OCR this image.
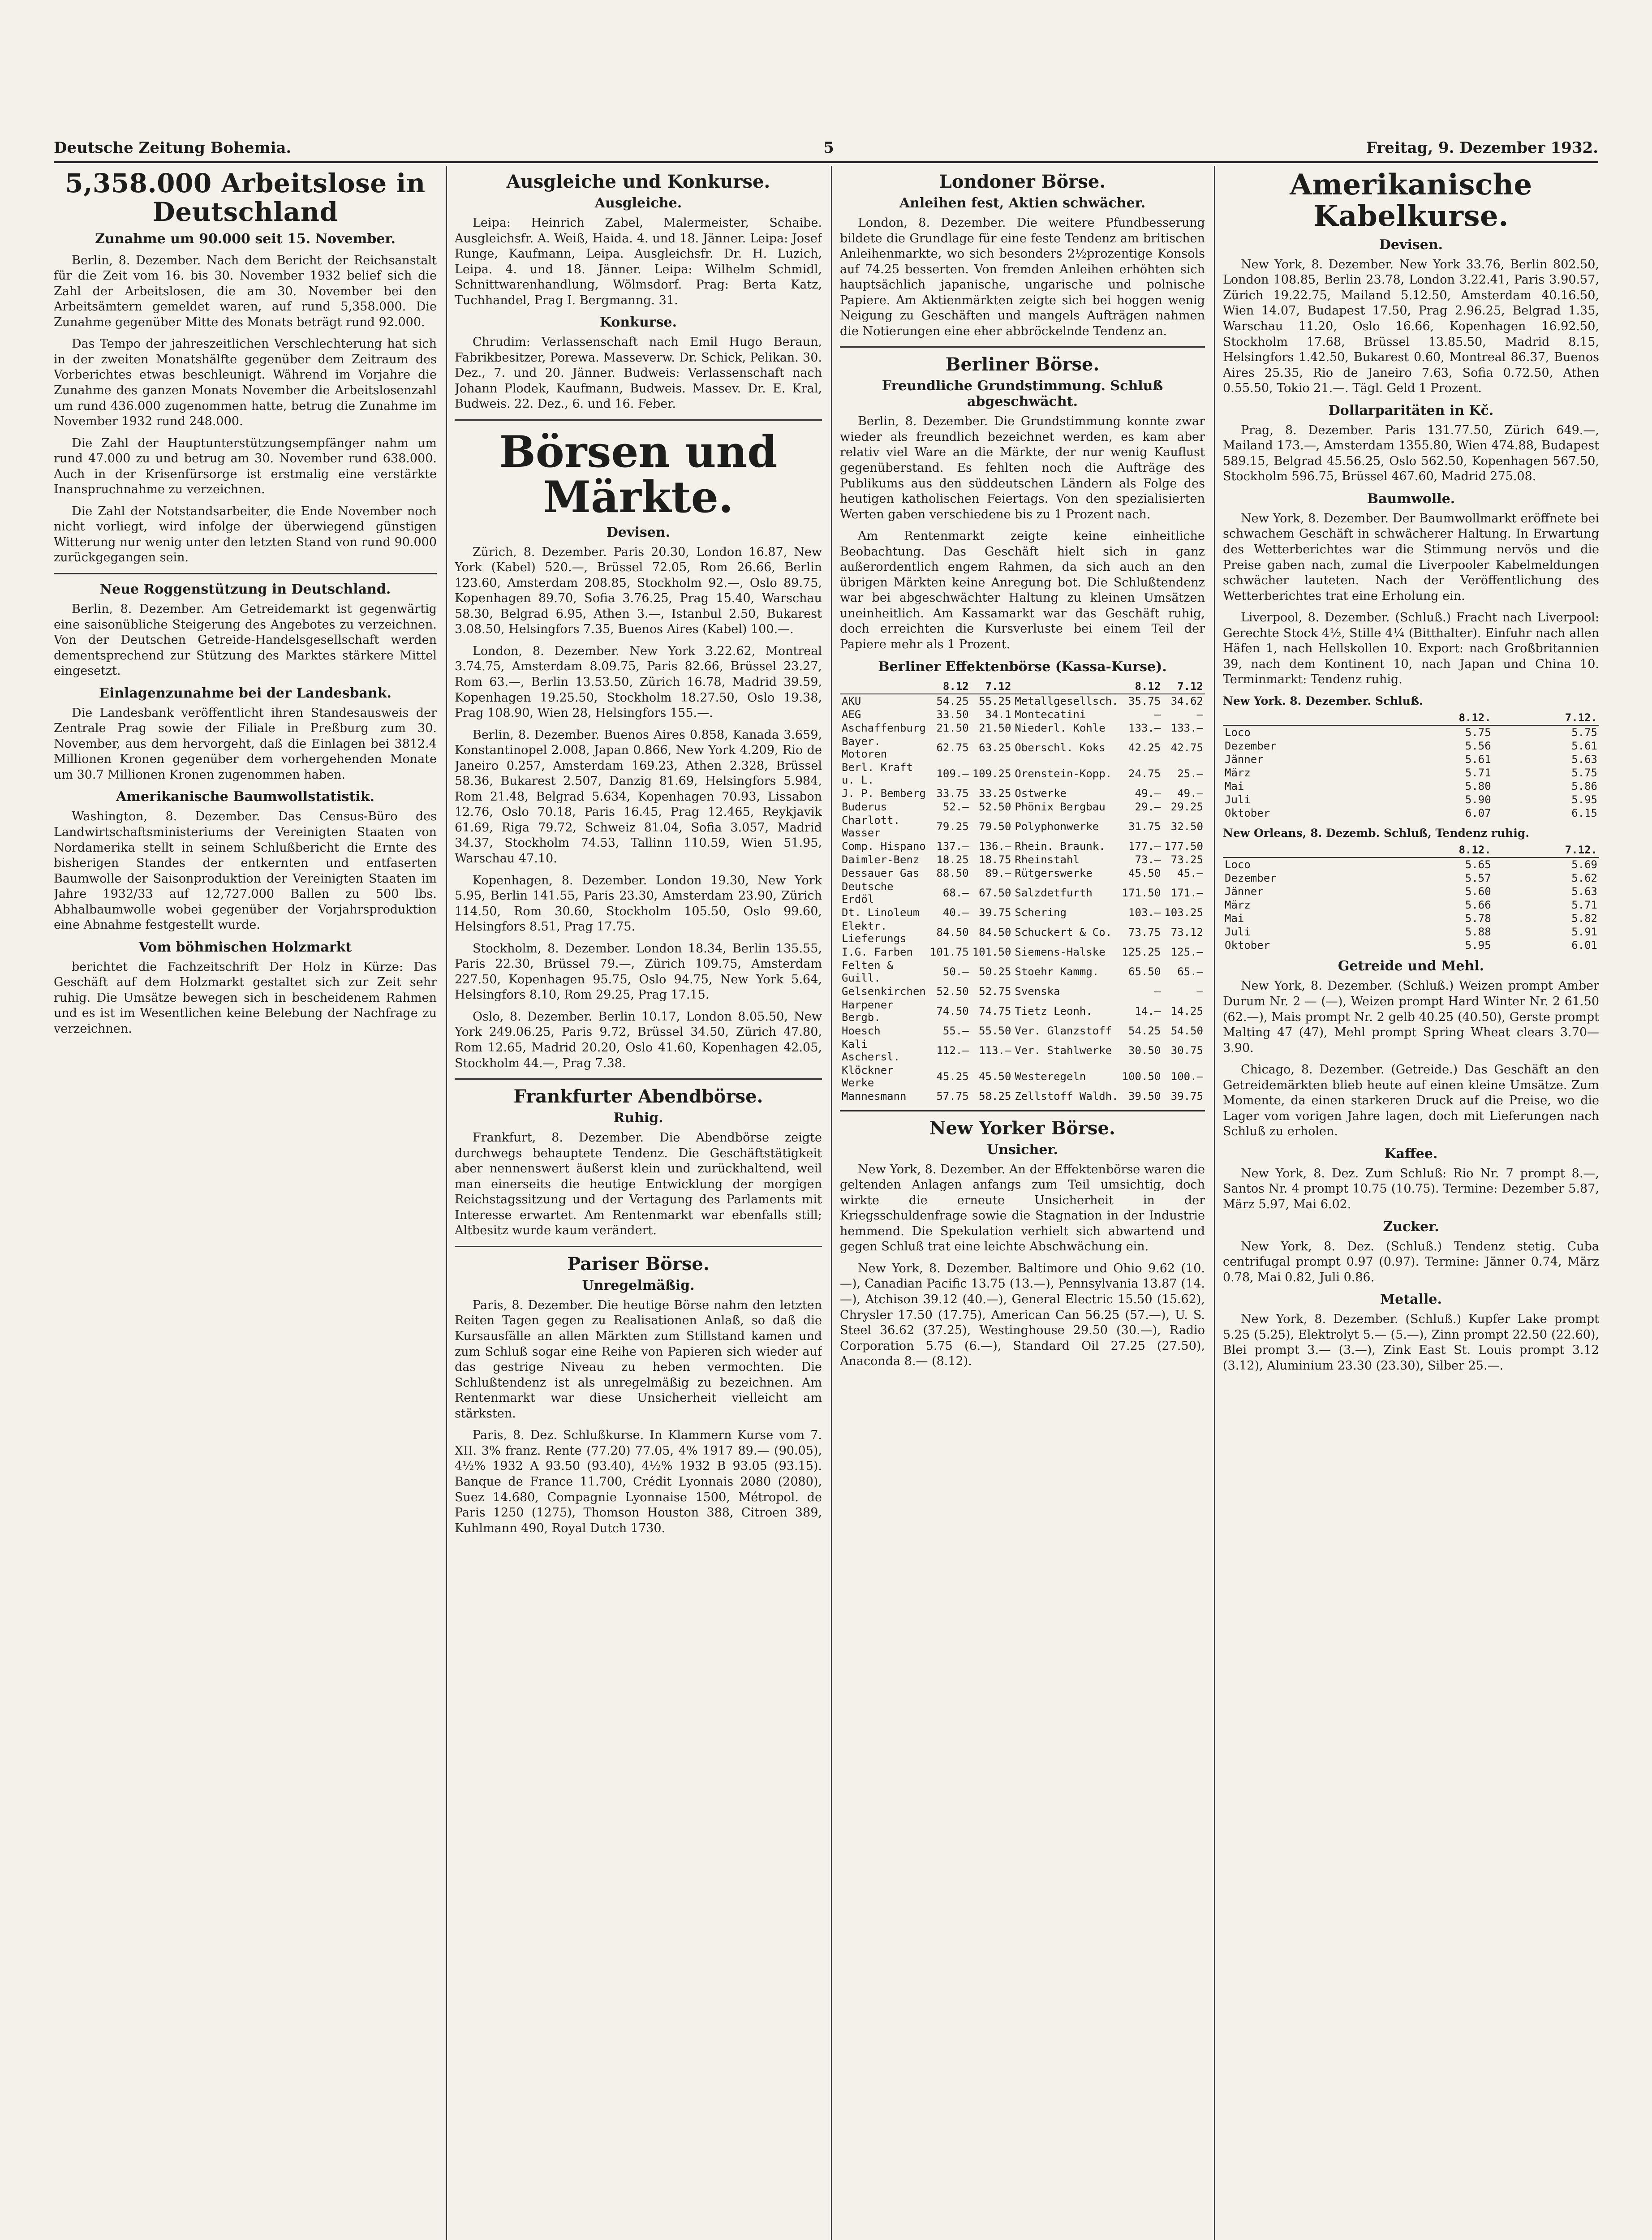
Deutsche Zeitung Bohemia.	5	Freitag, 9. Dezember 1932.
5,358.000 Arbeitslose in Deutschland
Zunahme um 90.000 seit 15. November.

Berlin, 8. Dezember. Nach dem Bericht der Reichsanstalt für die Zeit vom 16. bis 30. November 1932 belief sich die Zahl der Arbeitslosen, die am 30. November bei den Arbeitsämtern gemeldet waren, auf rund 5,358.000. Die Zunahme gegenüber Mitte des Monats beträgt rund 92.000.

Das Tempo der jahreszeitlichen Verschlechterung hat sich in der zweiten Monatshälfte gegenüber dem Zeitraum des Vorberichtes etwas beschleunigt. Während im Vorjahre die Zunahme des ganzen Monats November die Arbeitslosenzahl um rund 436.000 zugenommen hatte, betrug die Zunahme im November 1932 rund 248.000.

Die Zahl der Hauptunterstützungsempfänger nahm um rund 47.000 zu und betrug am 30. November rund 638.000. Auch in der Krisenfürsorge ist erstmalig eine verstärkte Inanspruchnahme zu verzeichnen.

Die Zahl der Notstandsarbeiter, die Ende November noch nicht vorliegt, wird infolge der überwiegend günstigen Witterung nur wenig unter den letzten Stand von rund 90.000 zurückgegangen sein.

Neue Roggenstützung in Deutschland.

Berlin, 8. Dezember. Am Getreidemarkt ist gegenwärtig eine saisonübliche Steigerung des Angebotes zu verzeichnen. Von der Deutschen Getreide-Handelsgesellschaft werden dementsprechend zur Stützung des Marktes stärkere Mittel eingesetzt.

Einlagenzunahme bei der Landesbank.

Die Landesbank veröffentlicht ihren Standesausweis der Zentrale Prag sowie der Filiale in Preßburg zum 30. November, aus dem hervorgeht, daß die Einlagen bei 3812.4 Millionen Kronen gegenüber dem vorhergehenden Monate um 30.7 Millionen Kronen zugenommen haben.

Amerikanische Baumwollstatistik.

Washington, 8. Dezember. Das Census-Büro des Landwirtschaftsministeriums der Vereinigten Staaten von Nordamerika stellt in seinem Schlußbericht die Ernte des bisherigen Standes der entkernten und entfaserten Baumwolle der Saisonproduktion der Vereinigten Staaten im Jahre 1932/33 auf 12,727.000 Ballen zu 500 lbs. Abhalbaumwolle wobei gegenüber der Vorjahrsproduktion eine Abnahme festgestellt wurde.

Vom böhmischen Holzmarkt

berichtet die Fachzeitschrift Der Holz in Kürze: Das Geschäft auf dem Holzmarkt gestaltet sich zur Zeit sehr ruhig. Die Umsätze bewegen sich in bescheidenem Rahmen und es ist im Wesentlichen keine Belebung der Nachfrage zu verzeichnen.

Ausgleiche und Konkurse.
Ausgleiche.

Leipa: Heinrich Zabel, Malermeister, Schaibe. Ausgleichsfr. A. Weiß, Haida. 4. und 18. Jänner. Leipa: Josef Runge, Kaufmann, Leipa. Ausgleichsfr. Dr. H. Luzich, Leipa. 4. und 18. Jänner. Leipa: Wilhelm Schmidl, Schnittwarenhandlung, Wölmsdorf. Prag: Berta Katz, Tuchhandel, Prag I. Bergmanng. 31.

Konkurse.

Chrudim: Verlassenschaft nach Emil Hugo Beraun, Fabrikbesitzer, Porewa. Masseverw. Dr. Schick, Pelikan. 30. Dez., 7. und 20. Jänner. Budweis: Verlassenschaft nach Johann Plodek, Kaufmann, Budweis. Massev. Dr. E. Kral, Budweis. 22. Dez., 6. und 16. Feber.

Börsen und Märkte.
Devisen.

Zürich, 8. Dezember. Paris 20.30, London 16.87, New York (Kabel) 520.—, Brüssel 72.05, Rom 26.66, Berlin 123.60, Amsterdam 208.85, Stockholm 92.—, Oslo 89.75, Kopenhagen 89.70, Sofia 3.76.25, Prag 15.40, Warschau 58.30, Belgrad 6.95, Athen 3.—, Istanbul 2.50, Bukarest 3.08.50, Helsingfors 7.35, Buenos Aires (Kabel) 100.—.

London, 8. Dezember. New York 3.22.62, Montreal 3.74.75, Amsterdam 8.09.75, Paris 82.66, Brüssel 23.27, Rom 63.—, Berlin 13.53.50, Zürich 16.78, Madrid 39.59, Kopenhagen 19.25.50, Stockholm 18.27.50, Oslo 19.38, Prag 108.90, Wien 28, Helsingfors 155.—.

Berlin, 8. Dezember. Buenos Aires 0.858, Kanada 3.659, Konstantinopel 2.008, Japan 0.866, New York 4.209, Rio de Janeiro 0.257, Amsterdam 169.23, Athen 2.328, Brüssel 58.36, Bukarest 2.507, Danzig 81.69, Helsingfors 5.984, Rom 21.48, Belgrad 5.634, Kopenhagen 70.93, Lissabon 12.76, Oslo 70.18, Paris 16.45, Prag 12.465, Reykjavik 61.69, Riga 79.72, Schweiz 81.04, Sofia 3.057, Madrid 34.37, Stockholm 74.53, Tallinn 110.59, Wien 51.95, Warschau 47.10.

Kopenhagen, 8. Dezember. London 19.30, New York 5.95, Berlin 141.55, Paris 23.30, Amsterdam 23.90, Zürich 114.50, Rom 30.60, Stockholm 105.50, Oslo 99.60, Helsingfors 8.51, Prag 17.75.

Stockholm, 8. Dezember. London 18.34, Berlin 135.55, Paris 22.30, Brüssel 79.—, Zürich 109.75, Amsterdam 227.50, Kopenhagen 95.75, Oslo 94.75, New York 5.64, Helsingfors 8.10, Rom 29.25, Prag 17.15.

Oslo, 8. Dezember. Berlin 10.17, London 8.05.50, New York 249.06.25, Paris 9.72, Brüssel 34.50, Zürich 47.80, Rom 12.65, Madrid 20.20, Oslo 41.60, Kopenhagen 42.05, Stockholm 44.—, Prag 7.38.

Frankfurter Abendbörse.
Ruhig.

Frankfurt, 8. Dezember. Die Abendbörse zeigte durchwegs behauptete Tendenz. Die Geschäftstätigkeit aber nennenswert äußerst klein und zurückhaltend, weil man einerseits die heutige Entwicklung der morgigen Reichstagssitzung und der Vertagung des Parlaments mit Interesse erwartet. Am Rentenmarkt war ebenfalls still; Altbesitz wurde kaum verändert.

Pariser Börse.
Unregelmäßig.

Paris, 8. Dezember. Die heutige Börse nahm den letzten Reiten Tagen gegen zu Realisationen Anlaß, so daß die Kursausfälle an allen Märkten zum Stillstand kamen und zum Schluß sogar eine Reihe von Papieren sich wieder auf das gestrige Niveau zu heben vermochten. Die Schlußtendenz ist als unregelmäßig zu bezeichnen. Am Rentenmarkt war diese Unsicherheit vielleicht am stärksten.

Paris, 8. Dez. Schlußkurse. In Klammern Kurse vom 7. XII. 3% franz. Rente (77.20) 77.05, 4% 1917 89.— (90.05), 4½% 1932 A 93.50 (93.40), 4½% 1932 B 93.05 (93.15). Banque de France 11.700, Crédit Lyonnais 2080 (2080), Suez 14.680, Compagnie Lyonnaise 1500, Métropol. de Paris 1250 (1275), Thomson Houston 388, Citroen 389, Kuhlmann 490, Royal Dutch 1730.

Londoner Börse.
Anleihen fest, Aktien schwächer.

London, 8. Dezember. Die weitere Pfundbesserung bildete die Grundlage für eine feste Tendenz am britischen Anleihenmarkte, wo sich besonders 2½prozentige Konsols auf 74.25 besserten. Von fremden Anleihen erhöhten sich hauptsächlich japanische, ungarische und polnische Papiere. Am Aktienmärkten zeigte sich bei hoggen wenig Neigung zu Geschäften und mangels Aufträgen nahmen die Notierungen eine eher abbröckelnde Tendenz an.

Berliner Börse.
Freundliche Grundstimmung. Schluß abgeschwächt.

Berlin, 8. Dezember. Die Grundstimmung konnte zwar wieder als freundlich bezeichnet werden, es kam aber relativ viel Ware an die Märkte, der nur wenig Kauflust gegenüberstand. Es fehlten noch die Aufträge des Publikums aus den süddeutschen Ländern als Folge des heutigen katholischen Feiertags. Von den spezialisierten Werten gaben verschiedene bis zu 1 Prozent nach.

Am Rentenmarkt zeigte keine einheitliche Beobachtung. Das Geschäft hielt sich in ganz außerordentlich engem Rahmen, da sich auch an den übrigen Märkten keine Anregung bot. Die Schlußtendenz war bei abgeschwächter Haltung zu kleinen Umsätzen uneinheitlich. Am Kassamarkt war das Geschäft ruhig, doch erreichten die Kursverluste bei einem Teil der Papiere mehr als 1 Prozent.

Berliner Effektenbörse (Kassa-Kurse).
	8.12	7.12		8.12	7.12
AKU	54.25	55.25	Metallgesellsch.	35.75	34.62
AEG	33.50	34.1	Montecatini	—	—
Aschaffenburg	21.50	21.50	Niederl. Kohle	133.—	133.—
Bayer. Motoren	62.75	63.25	Oberschl. Koks	42.25	42.75
Berl. Kraft u. L.	109.—	109.25	Orenstein-Kopp.	24.75	25.—
J. P. Bemberg	33.75	33.25	Ostwerke	49.—	49.—
Buderus	52.—	52.50	Phönix Bergbau	29.—	29.25
Charlott. Wasser	79.25	79.50	Polyphonwerke	31.75	32.50
Comp. Hispano	137.—	136.—	Rhein. Braunk.	177.—	177.50
Daimler-Benz	18.25	18.75	Rheinstahl	73.—	73.25
Dessauer Gas	88.50	89.—	Rütgerswerke	45.50	45.—
Deutsche Erdöl	68.—	67.50	Salzdetfurth	171.50	171.—
Dt. Linoleum	40.—	39.75	Schering	103.—	103.25
Elektr. Lieferungs	84.50	84.50	Schuckert & Co.	73.75	73.12
I.G. Farben	101.75	101.50	Siemens-Halske	125.25	125.—
Felten & Guill.	50.—	50.25	Stoehr Kammg.	65.50	65.—
Gelsenkirchen	52.50	52.75	Svenska	—	—
Harpener Bergb.	74.50	74.75	Tietz Leonh.	14.—	14.25
Hoesch	55.—	55.50	Ver. Glanzstoff	54.25	54.50
Kali Aschersl.	112.—	113.—	Ver. Stahlwerke	30.50	30.75
Klöckner Werke	45.25	45.50	Westeregeln	100.50	100.—
Mannesmann	57.75	58.25	Zellstoff Waldh.	39.50	39.75
New Yorker Börse.
Unsicher.

New York, 8. Dezember. An der Effektenbörse waren die geltenden Anlagen anfangs zum Teil umsichtig, doch wirkte die erneute Unsicherheit in der Kriegsschuldenfrage sowie die Stagnation in der Industrie hemmend. Die Spekulation verhielt sich abwartend und gegen Schluß trat eine leichte Abschwächung ein.

New York, 8. Dezember. Baltimore und Ohio 9.62 (10.—), Canadian Pacific 13.75 (13.—), Pennsylvania 13.87 (14.—), Atchison 39.12 (40.—), General Electric 15.50 (15.62), Chrysler 17.50 (17.75), American Can 56.25 (57.—), U. S. Steel 36.62 (37.25), Westinghouse 29.50 (30.—), Radio Corporation 5.75 (6.—), Standard Oil 27.25 (27.50), Anaconda 8.— (8.12).

Amerikanische Kabelkurse.
Devisen.

New York, 8. Dezember. New York 33.76, Berlin 802.50, London 108.85, Berlin 23.78, London 3.22.41, Paris 3.90.57, Zürich 19.22.75, Mailand 5.12.50, Amsterdam 40.16.50, Wien 14.07, Budapest 17.50, Prag 2.96.25, Belgrad 1.35, Warschau 11.20, Oslo 16.66, Kopenhagen 16.92.50, Stockholm 17.68, Brüssel 13.85.50, Madrid 8.15, Helsingfors 1.42.50, Bukarest 0.60, Montreal 86.37, Buenos Aires 25.35, Rio de Janeiro 7.63, Sofia 0.72.50, Athen 0.55.50, Tokio 21.—. Tägl. Geld 1 Prozent.

Dollarparitäten in Kč.

Prag, 8. Dezember. Paris 131.77.50, Zürich 649.—, Mailand 173.—, Amsterdam 1355.80, Wien 474.88, Budapest 589.15, Belgrad 45.56.25, Oslo 562.50, Kopenhagen 567.50, Stockholm 596.75, Brüssel 467.60, Madrid 275.08.

Baumwolle.

New York, 8. Dezember. Der Baumwollmarkt eröffnete bei schwachem Geschäft in schwächerer Haltung. In Erwartung des Wetterberichtes war die Stimmung nervös und die Preise gaben nach, zumal die Liverpooler Kabelmeldungen schwächer lauteten. Nach der Veröffentlichung des Wetterberichtes trat eine Erholung ein.

Liverpool, 8. Dezember. (Schluß.) Fracht nach Liverpool: Gerechte Stock 4½, Stille 4¼ (Bitthalter). Einfuhr nach allen Häfen 1, nach Hellskollen 10. Export: nach Großbritannien 39, nach dem Kontinent 10, nach Japan und China 10. Terminmarkt: Tendenz ruhig.

New York. 8. Dezember. Schluß.
	8.12.	7.12.
Loco	5.75	5.75
Dezember	5.56	5.61
Jänner	5.61	5.63
März	5.71	5.75
Mai	5.80	5.86
Juli	5.90	5.95
Oktober	6.07	6.15
New Orleans, 8. Dezemb. Schluß, Tendenz ruhig.
	8.12.	7.12.
Loco	5.65	5.69
Dezember	5.57	5.62
Jänner	5.60	5.63
März	5.66	5.71
Mai	5.78	5.82
Juli	5.88	5.91
Oktober	5.95	6.01
Getreide und Mehl.

New York, 8. Dezember. (Schluß.) Weizen prompt Amber Durum Nr. 2 — (—), Weizen prompt Hard Winter Nr. 2 61.50 (62.—), Mais prompt Nr. 2 gelb 40.25 (40.50), Gerste prompt Malting 47 (47), Mehl prompt Spring Wheat clears 3.70—3.90.

Chicago, 8. Dezember. (Getreide.) Das Geschäft an den Getreidemärkten blieb heute auf einen kleine Umsätze. Zum Momente, da einen starkeren Druck auf die Preise, wo die Lager vom vorigen Jahre lagen, doch mit Lieferungen nach Schluß zu erholen.

Kaffee.

New York, 8. Dez. Zum Schluß: Rio Nr. 7 prompt 8.—, Santos Nr. 4 prompt 10.75 (10.75). Termine: Dezember 5.87, März 5.97, Mai 6.02.

Zucker.

New York, 8. Dez. (Schluß.) Tendenz stetig. Cuba centrifugal prompt 0.97 (0.97). Termine: Jänner 0.74, März 0.78, Mai 0.82, Juli 0.86.

Metalle.

New York, 8. Dezember. (Schluß.) Kupfer Lake prompt 5.25 (5.25), Elektrolyt 5.— (5.—), Zinn prompt 22.50 (22.60), Blei prompt 3.— (3.—), Zink East St. Louis prompt 3.12 (3.12), Aluminium 23.30 (23.30), Silber 25.—.
